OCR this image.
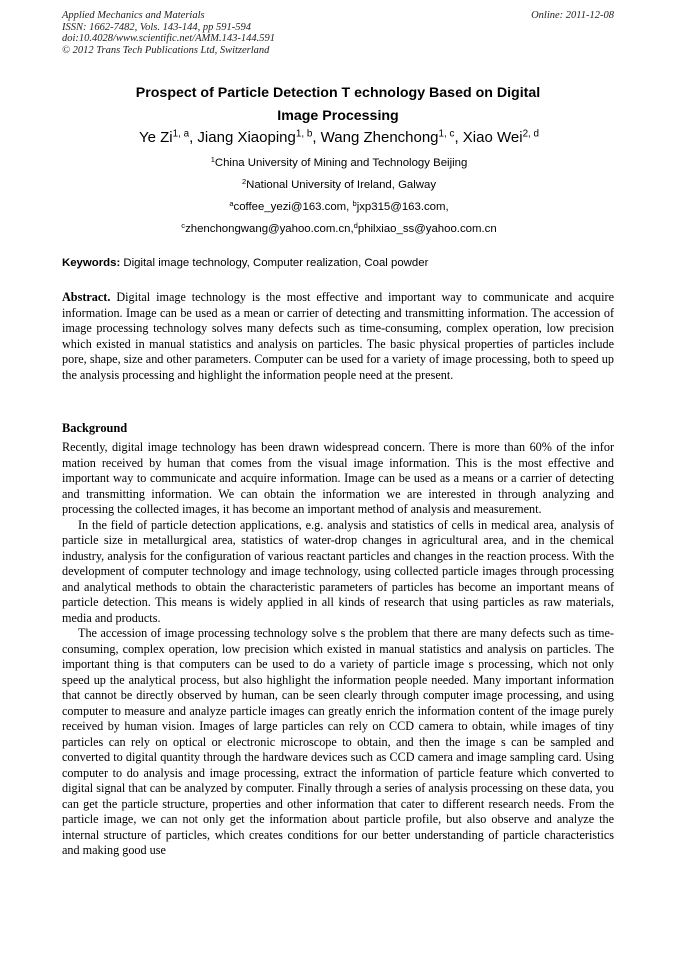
Applied Mechanics and Materials
ISSN: 1662-7482, Vols. 143-144, pp 591-594
doi:10.4028/www.scientific.net/AMM.143-144.591
© 2012 Trans Tech Publications Ltd, Switzerland
Online: 2011-12-08
Prospect of Particle Detection T echnology Based on Digital
Image Processing
Ye Zi$^{1, a}$, Jiang Xiaoping$^{1, b}$, Wang Zhenchong$^{1, c}$, Xiao Wei$^{2, d}$
$^1$China University of Mining and Technology Beijing
$^2$National University of Ireland, Galway
$^a$coffee_yezi@163.com, $^b$jxp315@163.com,
$^c$zhenchongwang@yahoo.com.cn,$^d$philxiao_ss@yahoo.com.cn
Keywords: Digital image technology, Computer realization, Coal powder
Abstract. Digital image technology is the most effective and important way to communicate and acquire information. Image can be used as a mean or carrier of detecting and transmitting information. The accession of image processing technology solves many defects such as time-consuming, complex operation, low precision which existed in manual statistics and analysis on particles. The basic physical properties of particles include pore, shape, size and other parameters. Computer can be used for a variety of image processing, both to speed up the analysis processing and highlight the information people need at the present.
Background

Recently, digital image technology has been drawn widespread concern. There is more than 60% of the infor mation received by human that comes from the visual image information. This is the most effective and important way to communicate and acquire information. Image can be used as a means or a carrier of detecting and transmitting information. We can obtain the information we are interested in through analyzing and processing the collected images, it has become an important method of analysis and measurement.

In the field of particle detection applications, e.g. analysis and statistics of cells in medical area, analysis of particle size in metallurgical area, statistics of water-drop changes in agricultural area, and in the chemical industry, analysis for the configuration of various reactant particles and changes in the reaction process. With the development of computer technology and image technology, using collected particle images through processing and analytical methods to obtain the characteristic parameters of particles has become an important means of particle detection. This means is widely applied in all kinds of research that using particles as raw materials, media and products.

The accession of image processing technology solve s the problem that there are many defects such as time-consuming, complex operation, low precision which existed in manual statistics and analysis on particles. The important thing is that computers can be used to do a variety of particle image s processing, which not only speed up the analytical process, but also highlight the information people needed. Many important information that cannot be directly observed by human, can be seen clearly through computer image processing, and using computer to measure and analyze particle images can greatly enrich the information content of the image purely received by human vision. Images of large particles can rely on CCD camera to obtain, while images of tiny particles can rely on optical or electronic microscope to obtain, and then the image s can be sampled and converted to digital quantity through the hardware devices such as CCD camera and image sampling card. Using computer to do analysis and image processing, extract the information of particle feature which converted to digital signal that can be analyzed by computer. Finally through a series of analysis processing on these data, you can get the particle structure, properties and other information that cater to different research needs. From the particle image, we can not only get the information about particle profile, but also observe and analyze the internal structure of particles, which creates conditions for our better understanding of particle characteristics and making good use
